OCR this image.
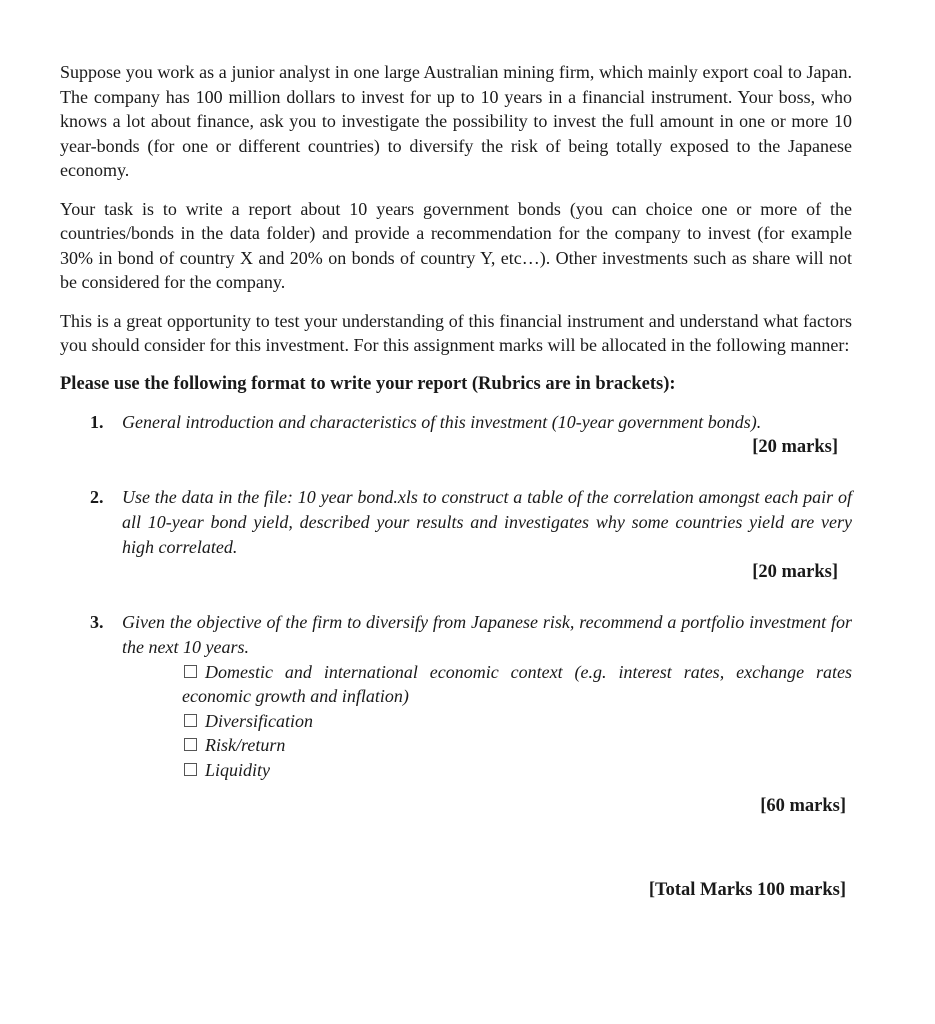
Suppose you work as a junior analyst in one large Australian mining firm, which mainly export coal to Japan. The company has 100 million dollars to invest for up to 10 years in a financial instrument. Your boss, who knows a lot about finance, ask you to investigate the possibility to invest the full amount in one or more 10 year-bonds (for one or different countries) to diversify the risk of being totally exposed to the Japanese economy.

Your task is to write a report about 10 years government bonds (you can choice one or more of the countries/bonds in the data folder) and provide a recommendation for the company to invest (for example 30% in bond of country X and 20% on bonds of country Y, etc…). Other investments such as share will not be considered for the company.

This is a great opportunity to test your understanding of this financial instrument and understand what factors you should consider for this investment. For this assignment marks will be allocated in the following manner:

Please use the following format to write your report (Rubrics are in brackets):
1. General introduction and characteristics of this investment (10-year government bonds).
[20 marks]
2. Use the data in the file: 10 year bond.xls to construct a table of the correlation amongst each pair of all 10-year bond yield, described your results and investigates why some countries yield are very high correlated.
[20 marks]
3. Given the objective of the firm to diversify from Japanese risk, recommend a portfolio investment for the next 10 years.
Domestic and international economic context (e.g. interest rates, exchange rates economic growth and inflation)
Diversification
Risk/return
Liquidity
[60 marks]
[Total Marks 100 marks]
